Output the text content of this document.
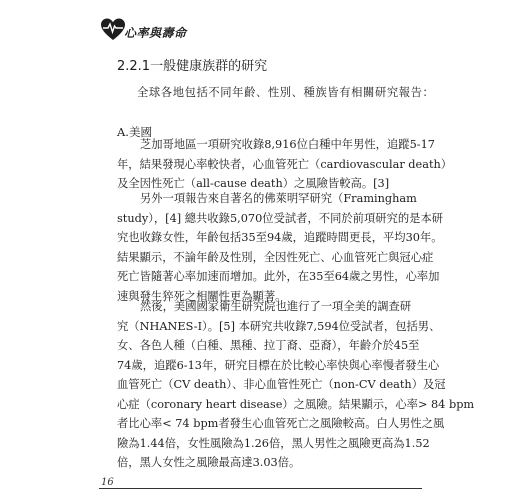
心率與壽命
2.2.1一般健康族群的研究
全球各地包括不同年齡、性別、種族皆有相關研究報告：
A.美國
芝加哥地區一項研究收錄8,916位白種中年男性，追蹤5-17
年，結果發現心率較快者，心血管死亡（cardiovascular death）
及全因性死亡（all-cause death）之風險皆較高。[3]
另外一項報告來自著名的佛萊明罕研究（Framingham
study），[4] 總共收錄5,070位受試者，不同於前項研究的是本研
究也收錄女性，年齡包括35至94歲，追蹤時間更長，平均30年。
結果顯示，不論年齡及性別，全因性死亡、心血管死亡與冠心症
死亡皆隨著心率加速而增加。此外，在35至64歲之男性，心率加
速與發生猝死之相關性更為顯著。
然後，美國國家衛生研究院也進行了一項全美的調查研
究（NHANES-I）。[5] 本研究共收錄7,594位受試者，包括男、
女、各色人種（白種、黑種、拉丁裔、亞裔），年齡介於45至
74歲，追蹤6-13年，研究目標在於比較心率快與心率慢者發生心
血管死亡（CV death）、非心血管性死亡（non-CV death）及冠
心症（coronary heart disease）之風險。結果顯示，心率> 84 bpm
者比心率< 74 bpm者發生心血管死亡之風險較高。白人男性之風
險為1.44倍，女性風險為1.26倍，黑人男性之風險更高為1.52
倍，黑人女性之風險最高達3.03倍。
16
